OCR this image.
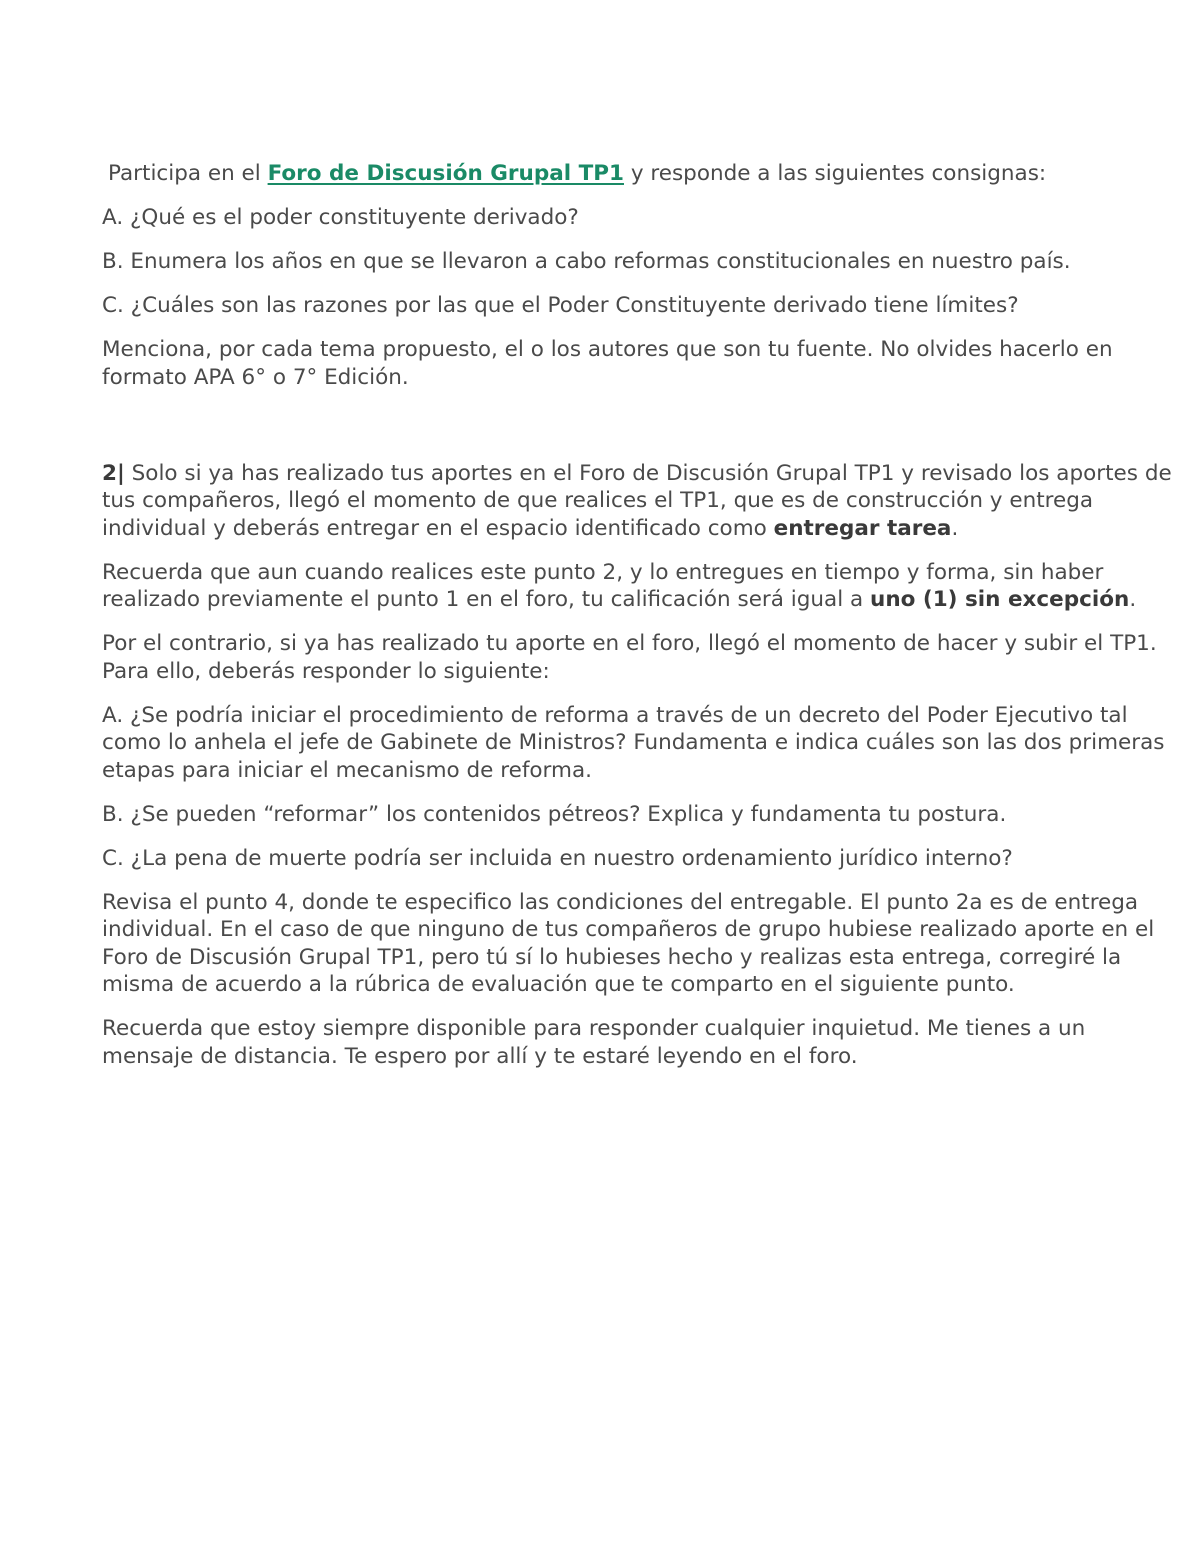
Participa en el Foro de Discusión Grupal TP1 y responde a las siguientes consignas:

A. ¿Qué es el poder constituyente derivado?

B. Enumera los años en que se llevaron a cabo reformas constitucionales en nuestro país.

C. ¿Cuáles son las razones por las que el Poder Constituyente derivado tiene límites?

Menciona, por cada tema propuesto, el o los autores que son tu fuente. No olvides hacerlo en formato APA 6° o 7° Edición.

2| Solo si ya has realizado tus aportes en el Foro de Discusión Grupal TP1 y revisado los aportes de tus compañeros, llegó el momento de que realices el TP1, que es de construcción y entrega individual y deberás entregar en el espacio identificado como entregar tarea.

Recuerda que aun cuando realices este punto 2, y lo entregues en tiempo y forma, sin haber realizado previamente el punto 1 en el foro, tu calificación será igual a uno (1) sin excepción.

Por el contrario, si ya has realizado tu aporte en el foro, llegó el momento de hacer y subir el TP1. Para ello, deberás responder lo siguiente:

A. ¿Se podría iniciar el procedimiento de reforma a través de un decreto del Poder Ejecutivo tal como lo anhela el jefe de Gabinete de Ministros? Fundamenta e indica cuáles son las dos primeras etapas para iniciar el mecanismo de reforma.

B. ¿Se pueden “reformar” los contenidos pétreos? Explica y fundamenta tu postura.

C. ¿La pena de muerte podría ser incluida en nuestro ordenamiento jurídico interno?

Revisa el punto 4, donde te especifico las condiciones del entregable. El punto 2a es de entrega individual. En el caso de que ninguno de tus compañeros de grupo hubiese realizado aporte en el Foro de Discusión Grupal TP1, pero tú sí lo hubieses hecho y realizas esta entrega, corregiré la misma de acuerdo a la rúbrica de evaluación que te comparto en el siguiente punto.

Recuerda que estoy siempre disponible para responder cualquier inquietud. Me tienes a un mensaje de distancia. Te espero por allí y te estaré leyendo en el foro.
